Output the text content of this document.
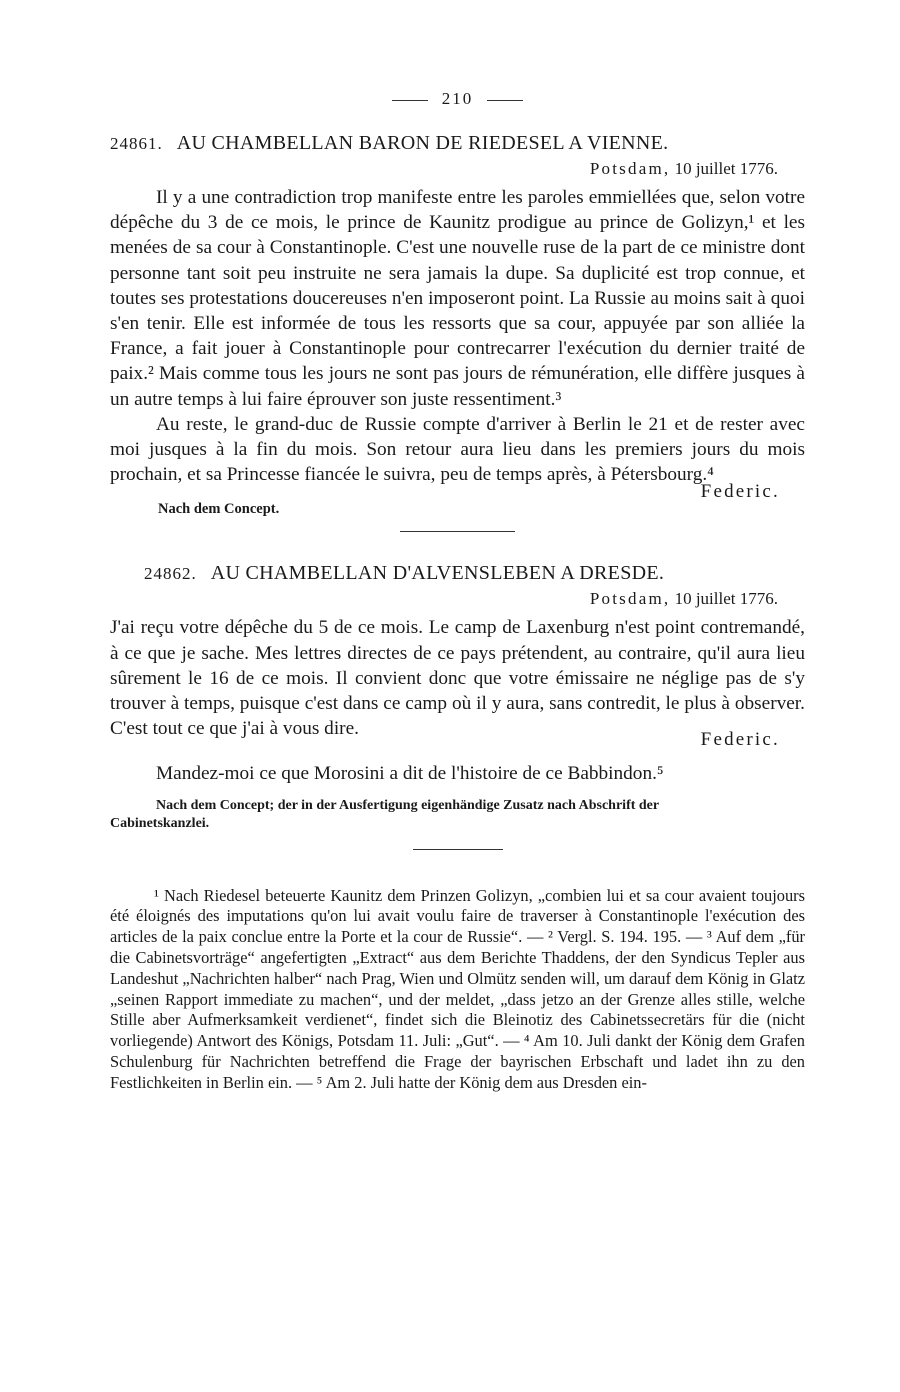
210
24861. AU CHAMBELLAN BARON DE RIEDESEL A VIENNE.
Potsdam, 10 juillet 1776.

Il y a une contradiction trop manifeste entre les paroles emmiellées que, selon votre dépêche du 3 de ce mois, le prince de Kaunitz prodigue au prince de Golizyn,¹ et les menées de sa cour à Constantinople. C'est une nouvelle ruse de la part de ce ministre dont personne tant soit peu instruite ne sera jamais la dupe. Sa duplicité est trop connue, et toutes ses protestations doucereuses n'en imposeront point. La Russie au moins sait à quoi s'en tenir. Elle est informée de tous les ressorts que sa cour, appuyée par son alliée la France, a fait jouer à Constantinople pour contrecarrer l'exécution du dernier traité de paix.² Mais comme tous les jours ne sont pas jours de rémunération, elle diffère jusques à un autre temps à lui faire éprouver son juste ressentiment.³

Au reste, le grand-duc de Russie compte d'arriver à Berlin le 21 et de rester avec moi jusques à la fin du mois. Son retour aura lieu dans les premiers jours du mois prochain, et sa Princesse fiancée le suivra, peu de temps après, à Pétersbourg.⁴

Federic.
Nach dem Concept.
24862. AU CHAMBELLAN D'ALVENSLEBEN A DRESDE.
Potsdam, 10 juillet 1776.

J'ai reçu votre dépêche du 5 de ce mois. Le camp de Laxenburg n'est point contremandé, à ce que je sache. Mes lettres directes de ce pays prétendent, au contraire, qu'il aura lieu sûrement le 16 de ce mois. Il convient donc que votre émissaire ne néglige pas de s'y trouver à temps, puisque c'est dans ce camp où il y aura, sans contredit, le plus à observer. C'est tout ce que j'ai à vous dire.

Federic.

Mandez-moi ce que Morosini a dit de l'histoire de ce Babbindon.⁵

Nach dem Concept; der in der Ausfertigung eigenhändige Zusatz nach Abschrift der
Cabinetskanzlei.

¹ Nach Riedesel beteuerte Kaunitz dem Prinzen Golizyn, „combien lui et sa cour avaient toujours été éloignés des imputations qu'on lui avait voulu faire de traverser à Constantinople l'exécution des articles de la paix conclue entre la Porte et la cour de Russie“. — ² Vergl. S. 194. 195. — ³ Auf dem „für die Cabinetsvorträge“ angefertigten „Extract“ aus dem Berichte Thaddens, der den Syndicus Tepler aus Landeshut „Nachrichten halber“ nach Prag, Wien und Olmütz senden will, um darauf dem König in Glatz „seinen Rapport immediate zu machen“, und der meldet, „dass jetzo an der Grenze alles stille, welche Stille aber Aufmerksamkeit verdienet“, findet sich die Bleinotiz des Cabinetssecretärs für die (nicht vorliegende) Antwort des Königs, Potsdam 11. Juli: „Gut“. — ⁴ Am 10. Juli dankt der König dem Grafen Schulenburg für Nachrichten betreffend die Frage der bayrischen Erbschaft und ladet ihn zu den Festlichkeiten in Berlin ein. — ⁵ Am 2. Juli hatte der König dem aus Dresden ein-
